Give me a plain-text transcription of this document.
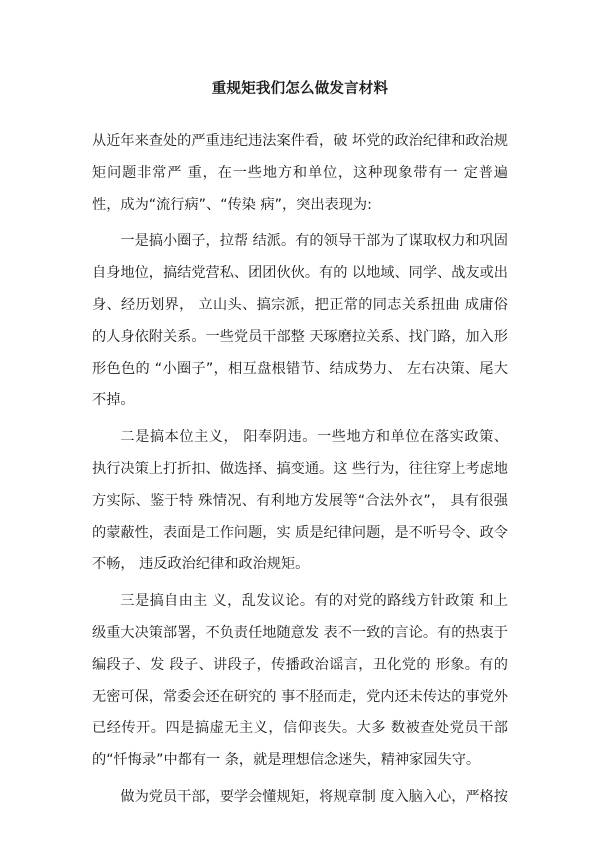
重规矩我们怎么做发言材料

从近年来查处的严重违纪违法案件看，破 坏党的政治纪律和政治规矩问题非常严 重，在一些地方和单位，这种现象带有一 定普遍性，成为“流行病”、“传染 病”，突出表现为:

一是搞小圈子，拉帮 结派。有的领导干部为了谋取权力和巩固自身地位，搞结党营私、团团伙伙。有的 以地域、同学、战友或出身、经历划界， 立山头、搞宗派，把正常的同志关系扭曲 成庸俗的人身依附关系。一些党员干部整 天琢磨拉关系、找门路，加入形形色色的 “小圈子”，相互盘根错节、结成势力、 左右决策、尾大不掉。

二是搞本位主义， 阳奉阴违。一些地方和单位在落实政策、 执行决策上打折扣、做选择、搞变通。这 些行为，往往穿上考虑地方实际、鉴于特 殊情况、有利地方发展等“合法外衣”， 具有很强的蒙蔽性，表面是工作问题，实 质是纪律问题，是不听号令、政令不畅， 违反政治纪律和政治规矩。

三是搞自由主 义，乱发议论。有的对党的路线方针政策 和上级重大决策部署，不负责任地随意发 表不一致的言论。有的热衷于编段子、发 段子、讲段子，传播政治谣言，丑化党的 形象。有的无密可保，常委会还在研究的 事不胫而走，党内还未传达的事党外已经传开。四是搞虚无主义，信仰丧失。大多 数被查处党员干部的“忏悔录”中都有一 条，就是理想信念迷失，精神家园失守。

做为党员干部，要学会懂规矩，将规章制 度入脑入心，严格按
